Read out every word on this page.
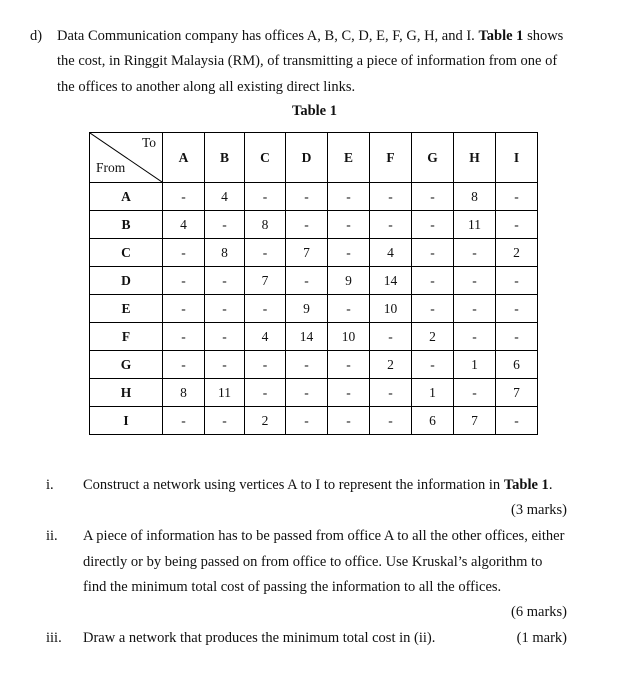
d) Data Communication company has offices A, B, C, D, E, F, G, H, and I. Table 1 shows
the cost, in Ringgit Malaysia (RM), of transmitting a piece of information from one of
the offices to another along all existing direct links.
Table 1
To
From	A	B	C	D	E	F	G	H	I
A	-	4	-	-	-	-	-	8	-
B	4	-	8	-	-	-	-	11	-
C	-	8	-	7	-	4	-	-	2
D	-	-	7	-	9	14	-	-	-
E	-	-	-	9	-	10	-	-	-
F	-	-	4	14	10	-	2	-	-
G	-	-	-	-	-	2	-	1	6
H	8	11	-	-	-	-	1	-	7
I	-	-	2	-	-	-	6	7	-
i. Construct a network using vertices A to I to represent the information in Table 1.
(3 marks)
ii. A piece of information has to be passed from office A to all the other offices, either
directly or by being passed on from office to office. Use Kruskal’s algorithm to
find the minimum total cost of passing the information to all the offices.
(6 marks)
iii. Draw a network that produces the minimum total cost in (ii).	(1 mark)
